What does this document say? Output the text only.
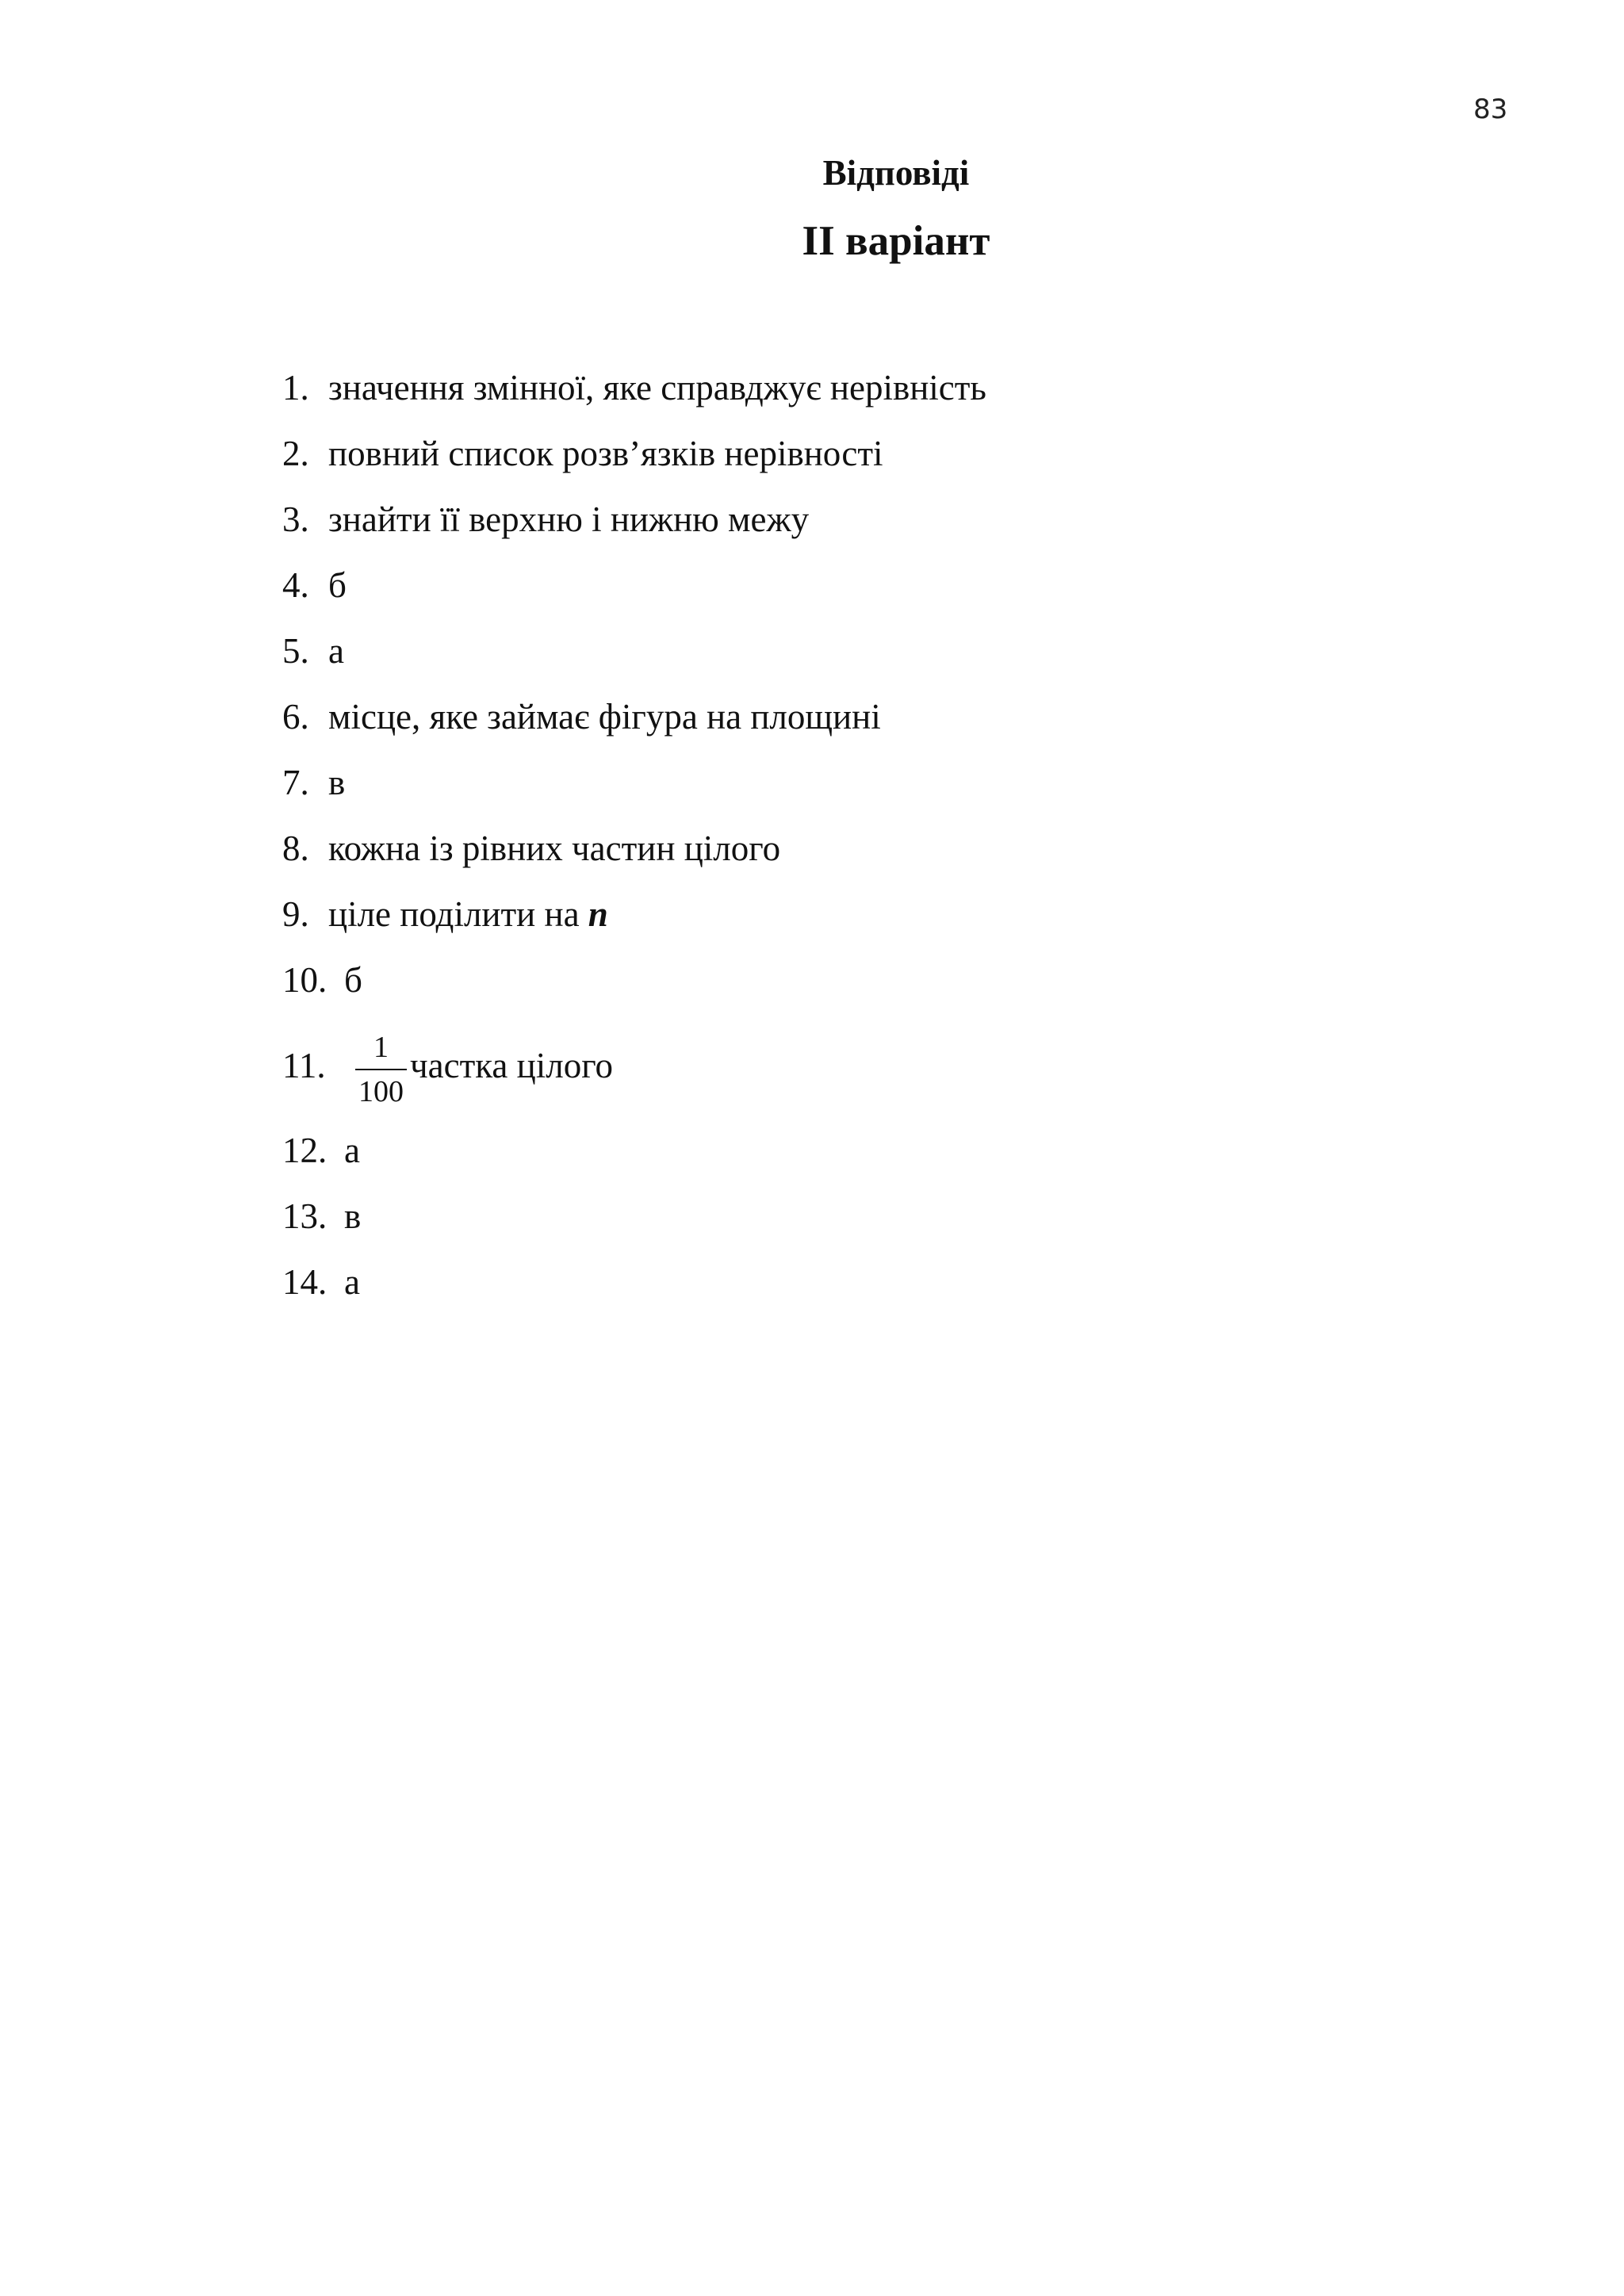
83
Відповіді
ІІ варіант
1. значення змінної, яке справджує нерівність
2. повний список розв’язків нерівності
3. знайти її верхню і нижню межу
4. б
5. а
6. місце, яке займає фігура на площині
7. в
8. кожна із рівних частин цілого
9. ціле поділити на n
10. б
11. $\frac{1}{100}$ частка цілого
12. а
13. в
14. а
